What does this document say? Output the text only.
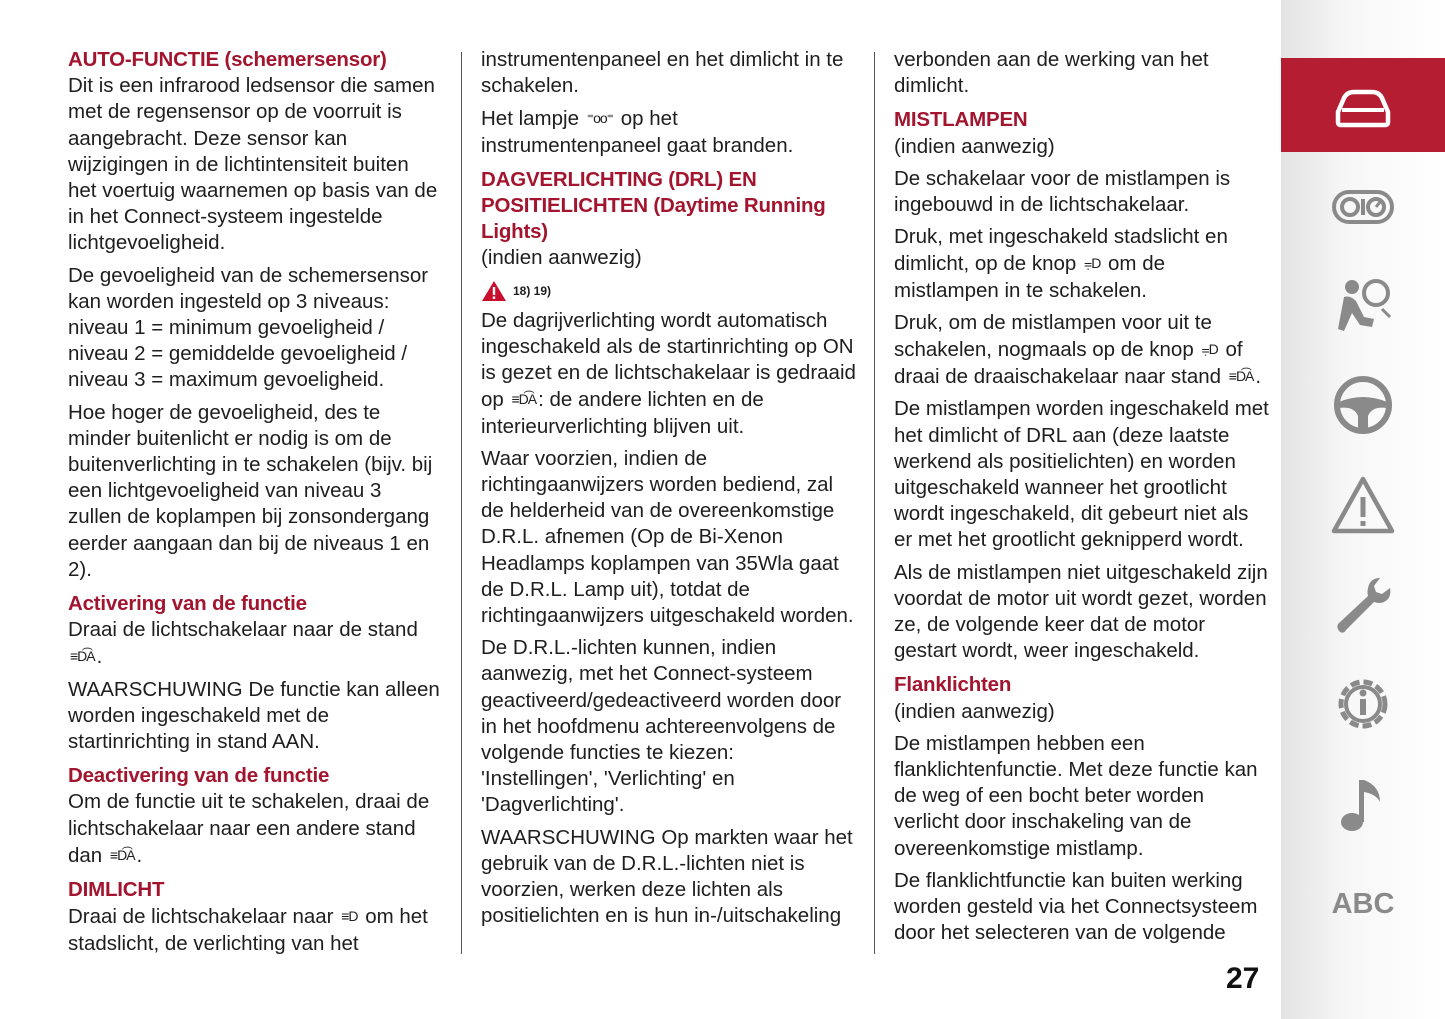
AUTO-FUNCTIE (schemersensor)

Dit is een infrarood ledsensor die samen met de regensensor op de voorruit is aangebracht. Deze sensor kan wijzigingen in de lichtintensiteit buiten het voertuig waarnemen op basis van de in het Connect-systeem ingestelde lichtgevoeligheid.

De gevoeligheid van de schemersensor kan worden ingesteld op 3 niveaus: niveau 1 = minimum gevoeligheid / niveau 2 = gemiddelde gevoeligheid / niveau 3 = maximum gevoeligheid.

Hoe hoger de gevoeligheid, des te minder buitenlicht er nodig is om de buitenverlichting in te schakelen (bijv. bij een lichtgevoeligheid van niveau 3 zullen de koplampen bij zonsondergang eerder aangaan dan bij de niveaus 1 en 2).

Activering van de functie

Draai de lichtschakelaar naar de stand ≡D͡A.

WAARSCHUWING De functie kan alleen worden ingeschakeld met de startinrichting in stand AAN.

Deactivering van de functie

Om de functie uit te schakelen, draai de lichtschakelaar naar een andere stand dan ≡D͡A.

DIMLICHT

Draai de lichtschakelaar naar ≡D om het stadslicht, de verlichting van het

instrumentenpaneel en het dimlicht in te schakelen.

Het lampje ⁼oo⁼ op het instrumentenpaneel gaat branden.

DAGVERLICHTING (DRL) EN POSITIELICHTEN (Daytime Running Lights)

(indien aanwezig)

18) 19)

De dagrijverlichting wordt automatisch ingeschakeld als de startinrichting op ON is gezet en de lichtschakelaar is gedraaid op ≡D͡A: de andere lichten en de interieurverlichting blijven uit.

Waar voorzien, indien de richtingaanwijzers worden bediend, zal de helderheid van de overeenkomstige D.R.L. afnemen (Op de Bi-Xenon Headlamps koplampen van 35Wla gaat de D.R.L. Lamp uit), totdat de richtingaanwijzers uitgeschakeld worden.

De D.R.L.-lichten kunnen, indien aanwezig, met het Connect-systeem geactiveerd/gedeactiveerd worden door in het hoofdmenu achtereenvolgens de volgende functies te kiezen: 'Instellingen', 'Verlichting' en 'Dagverlichting'.

WAARSCHUWING Op markten waar het gebruik van de D.R.L.-lichten niet is voorzien, werken deze lichten als positielichten en is hun in-/uitschakeling

verbonden aan de werking van het dimlicht.

MISTLAMPEN

(indien aanwezig)

De schakelaar voor de mistlampen is ingebouwd in de lichtschakelaar.

Druk, met ingeschakeld stadslicht en dimlicht, op de knop ⩦D om de mistlampen in te schakelen.

Druk, om de mistlampen voor uit te schakelen, nogmaals op de knop ⩦D of draai de draaischakelaar naar stand ≡D͡A.

De mistlampen worden ingeschakeld met het dimlicht of DRL aan (deze laatste werkend als positielichten) en worden uitgeschakeld wanneer het grootlicht wordt ingeschakeld, dit gebeurt niet als er met het grootlicht geknipperd wordt.

Als de mistlampen niet uitgeschakeld zijn voordat de motor uit wordt gezet, worden ze, de volgende keer dat de motor gestart wordt, weer ingeschakeld.

Flanklichten

(indien aanwezig)

De mistlampen hebben een flanklichtenfunctie. Met deze functie kan de weg of een bocht beter worden verlicht door inschakeling van de overeenkomstige mistlamp.

De flanklichtfunctie kan buiten werking worden gesteld via het Connectsysteem door het selecteren van de volgende

27
ABC
